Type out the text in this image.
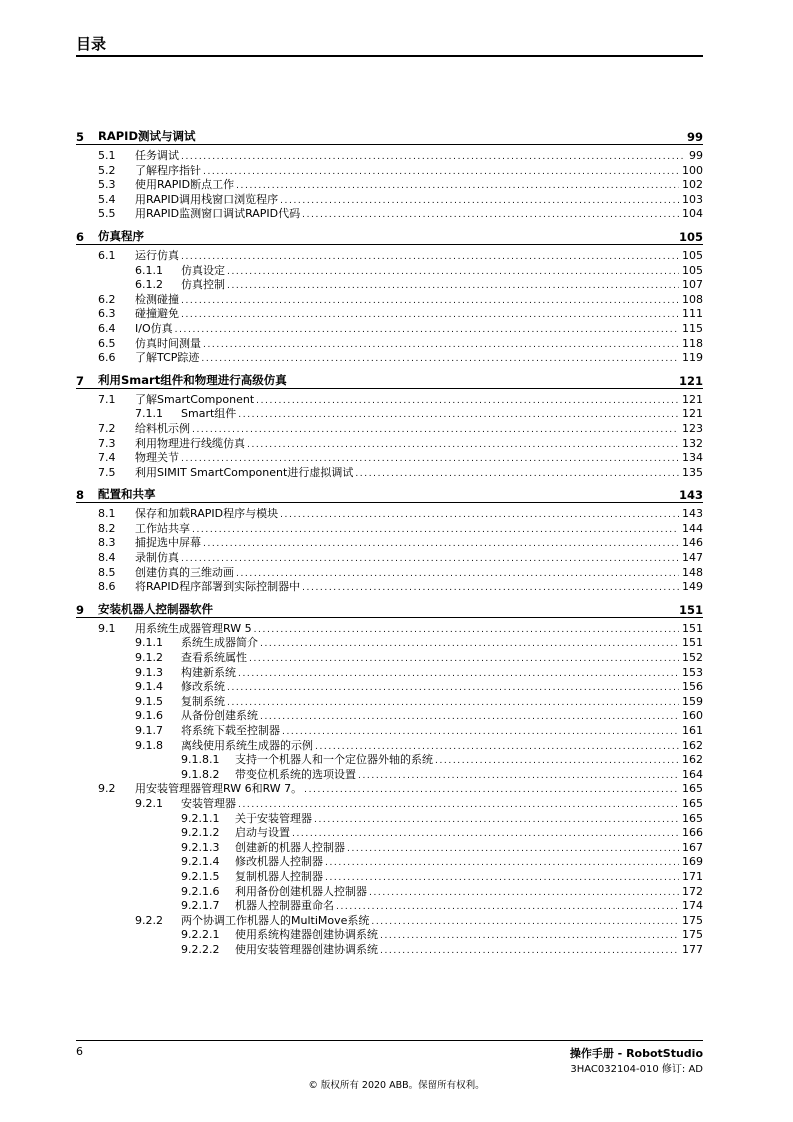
目录
5	RAPID测试与调试	99
5.1	任务调试 .....	99
5.2	了解程序指针 .....	100
5.3	使用RAPID断点工作 .....	102
5.4	用RAPID调用栈窗口浏览程序 .....	103
5.5	用RAPID监测窗口调试RAPID代码 .....	104
6	仿真程序	105
6.1	运行仿真 .....	105
6.1.1	仿真设定 .....	105
6.1.2	仿真控制 .....	107
6.2	检测碰撞 .....	108
6.3	碰撞避免 .....	111
6.4	I/O仿真 .....	115
6.5	仿真时间测量 .....	118
6.6	了解TCP踪迹 .....	119
7	利用Smart组件和物理进行高级仿真	121
7.1	了解SmartComponent .....	121
7.1.1	Smart组件 .....	121
7.2	给料机示例 .....	123
7.3	利用物理进行线缆仿真 .....	132
7.4	物理关节 .....	134
7.5	利用SIMIT SmartComponent进行虚拟调试 .....	135
8	配置和共享	143
8.1	保存和加载RAPID程序与模块 .....	143
8.2	工作站共享 .....	144
8.3	捕捉选中屏幕 .....	146
8.4	录制仿真 .....	147
8.5	创建仿真的三维动画 .....	148
8.6	将RAPID程序部署到实际控制器中 .....	149
9	安装机器人控制器软件	151
9.1	用系统生成器管理RW 5 .....	151
9.1.1	系统生成器简介 .....	151
9.1.2	查看系统属性 .....	152
9.1.3	构建新系统 .....	153
9.1.4	修改系统 .....	156
9.1.5	复制系统 .....	159
9.1.6	从备份创建系统 .....	160
9.1.7	将系统下载至控制器 .....	161
9.1.8	离线使用系统生成器的示例 .....	162
9.1.8.1	支持一个机器人和一个定位器外轴的系统 .....	162
9.1.8.2	带变位机系统的选项设置 .....	164
9.2	用安装管理器管理RW 6和RW 7。 .....	165
9.2.1	安装管理器 .....	165
9.2.1.1	关于安装管理器 .....	165
9.2.1.2	启动与设置 .....	166
9.2.1.3	创建新的机器人控制器 .....	167
9.2.1.4	修改机器人控制器 .....	169
9.2.1.5	复制机器人控制器 .....	171
9.2.1.6	利用备份创建机器人控制器 .....	172
9.2.1.7	机器人控制器重命名 .....	174
9.2.2	两个协调工作机器人的MultiMove系统 .....	175
9.2.2.1	使用系统构建器创建协调系统 .....	175
9.2.2.2	使用安装管理器创建协调系统 .....	177
6	操作手册 - RobotStudio
3HAC032104-010 修订: AD
© 版权所有 2020 ABB。保留所有权利。
